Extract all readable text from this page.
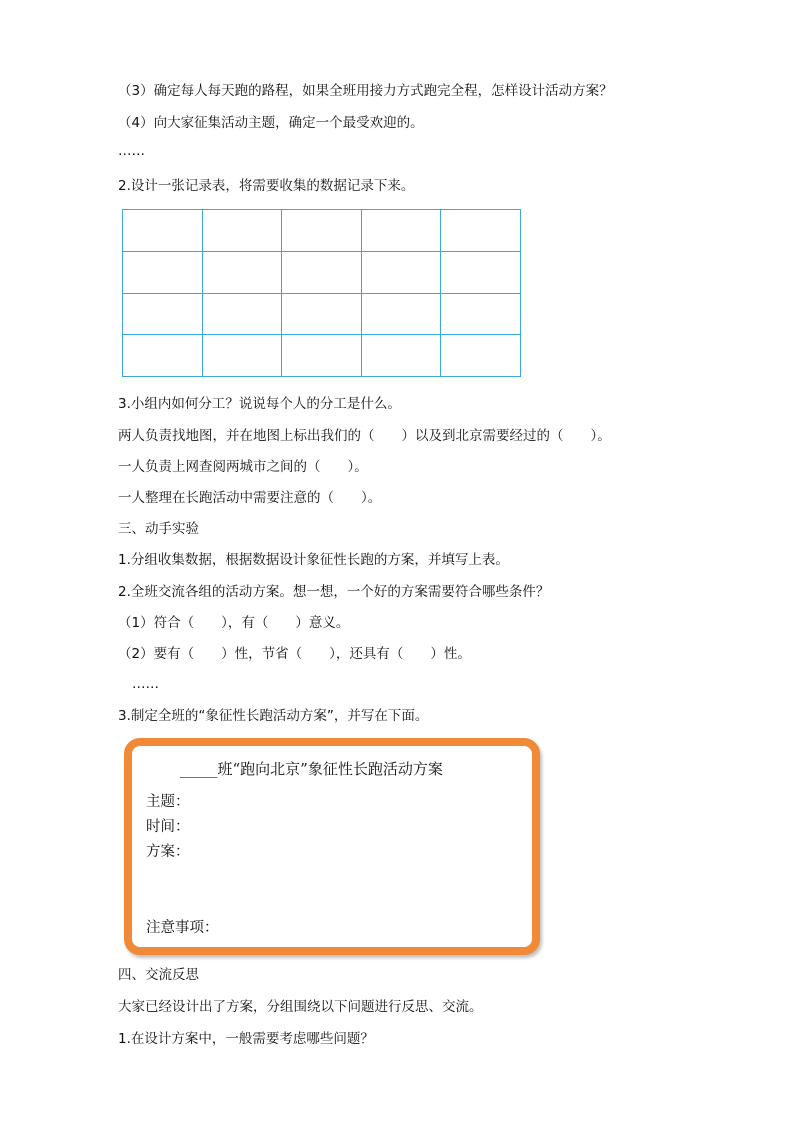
（3）确定每人每天跑的路程，如果全班用接力方式跑完全程，怎样设计活动方案？
（4）向大家征集活动主题，确定一个最受欢迎的。
……
2.设计一张记录表，将需要收集的数据记录下来。

3.小组内如何分工？说说每个人的分工是什么。
两人负责找地图，并在地图上标出我们的（　　）以及到北京需要经过的（　　）。
一人负责上网查阅两城市之间的（　　）。
一人整理在长跑活动中需要注意的（　　）。
三、动手实验
1.分组收集数据，根据数据设计象征性长跑的方案，并填写上表。
2.全班交流各组的活动方案。想一想，一个好的方案需要符合哪些条件？
（1）符合（　　），有（　　）意义。
（2）要有（　　）性，节省（　　），还具有（　　）性。
……
3.制定全班的“象征性长跑活动方案”，并写在下面。
_____班“跑向北京”象征性长跑活动方案
主题：
时间：
方案：
注意事项：
四、交流反思
大家已经设计出了方案，分组围绕以下问题进行反思、交流。
1.在设计方案中，一般需要考虑哪些问题？
